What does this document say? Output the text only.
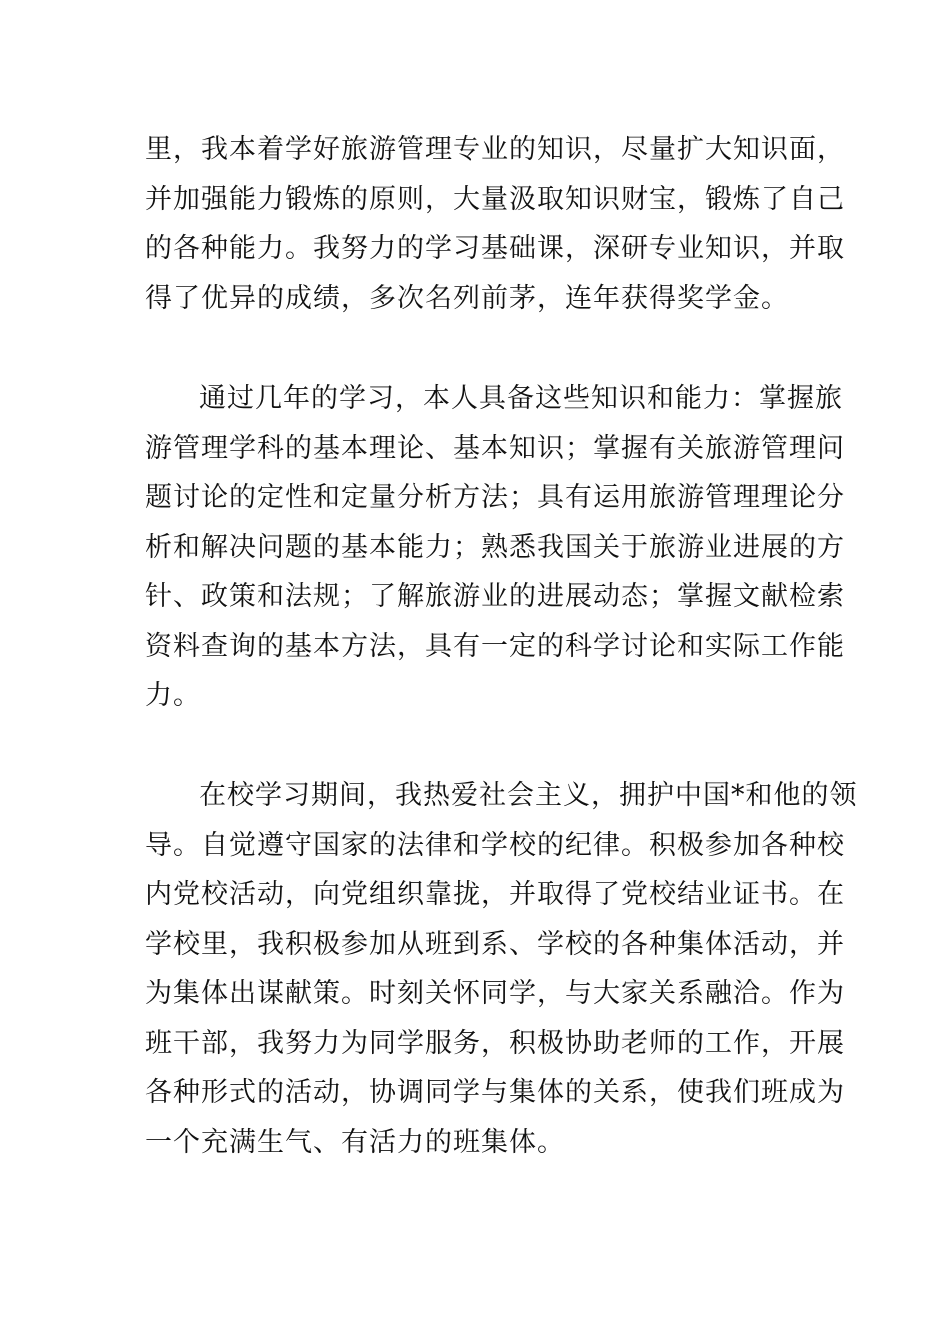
里，我本着学好旅游管理专业的知识，尽量扩大知识面，
并加强能力锻炼的原则，大量汲取知识财宝，锻炼了自己
的各种能力。我努力的学习基础课，深研专业知识，并取
得了优异的成绩，多次名列前茅，连年获得奖学金。
通过几年的学习，本人具备这些知识和能力：掌握旅
游管理学科的基本理论、基本知识；掌握有关旅游管理问
题讨论的定性和定量分析方法；具有运用旅游管理理论分
析和解决问题的基本能力；熟悉我国关于旅游业进展的方
针、政策和法规；了解旅游业的进展动态；掌握文献检索
资料查询的基本方法，具有一定的科学讨论和实际工作能
力。
在校学习期间，我热爱社会主义，拥护中国*和他的领
导。自觉遵守国家的法律和学校的纪律。积极参加各种校
内党校活动，向党组织靠拢，并取得了党校结业证书。在
学校里，我积极参加从班到系、学校的各种集体活动，并
为集体出谋献策。时刻关怀同学，与大家关系融洽。作为
班干部，我努力为同学服务，积极协助老师的工作，开展
各种形式的活动，协调同学与集体的关系，使我们班成为
一个充满生气、有活力的班集体。
